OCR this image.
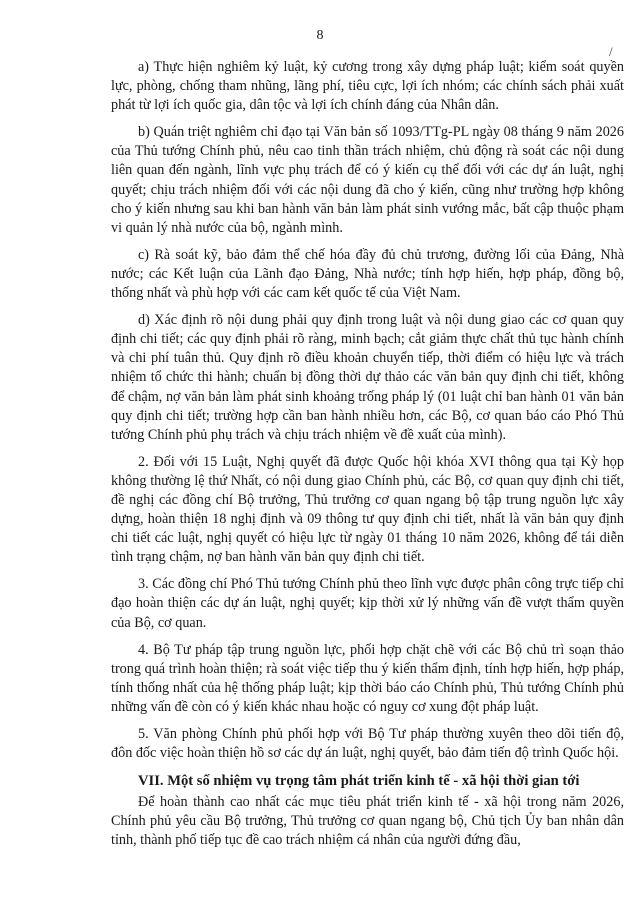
8
/

a) Thực hiện nghiêm kỷ luật, kỷ cương trong xây dựng pháp luật; kiểm soát quyền lực, phòng, chống tham nhũng, lãng phí, tiêu cực, lợi ích nhóm; các chính sách phải xuất phát từ lợi ích quốc gia, dân tộc và lợi ích chính đáng của Nhân dân.

b) Quán triệt nghiêm chỉ đạo tại Văn bản số 1093/TTg-PL ngày 08 tháng 9 năm 2026 của Thủ tướng Chính phủ, nêu cao tinh thần trách nhiệm, chủ động rà soát các nội dung liên quan đến ngành, lĩnh vực phụ trách để có ý kiến cụ thể đối với các dự án luật, nghị quyết; chịu trách nhiệm đối với các nội dung đã cho ý kiến, cũng như trường hợp không cho ý kiến nhưng sau khi ban hành văn bản làm phát sinh vướng mắc, bất cập thuộc phạm vi quản lý nhà nước của bộ, ngành mình.

c) Rà soát kỹ, bảo đảm thể chế hóa đầy đủ chủ trương, đường lối của Đảng, Nhà nước; các Kết luận của Lãnh đạo Đảng, Nhà nước; tính hợp hiến, hợp pháp, đồng bộ, thống nhất và phù hợp với các cam kết quốc tế của Việt Nam.

d) Xác định rõ nội dung phải quy định trong luật và nội dung giao các cơ quan quy định chi tiết; các quy định phải rõ ràng, minh bạch; cắt giảm thực chất thủ tục hành chính và chi phí tuân thủ. Quy định rõ điều khoản chuyển tiếp, thời điểm có hiệu lực và trách nhiệm tổ chức thi hành; chuẩn bị đồng thời dự thảo các văn bản quy định chi tiết, không để chậm, nợ văn bản làm phát sinh khoảng trống pháp lý (01 luật chỉ ban hành 01 văn bản quy định chi tiết; trường hợp cần ban hành nhiều hơn, các Bộ, cơ quan báo cáo Phó Thủ tướng Chính phủ phụ trách và chịu trách nhiệm về đề xuất của mình).

2. Đối với 15 Luật, Nghị quyết đã được Quốc hội khóa XVI thông qua tại Kỳ họp không thường lệ thứ Nhất, có nội dung giao Chính phủ, các Bộ, cơ quan quy định chi tiết, đề nghị các đồng chí Bộ trưởng, Thủ trưởng cơ quan ngang bộ tập trung nguồn lực xây dựng, hoàn thiện 18 nghị định và 09 thông tư quy định chi tiết, nhất là văn bản quy định chi tiết các luật, nghị quyết có hiệu lực từ ngày 01 tháng 10 năm 2026, không để tái diễn tình trạng chậm, nợ ban hành văn bản quy định chi tiết.

3. Các đồng chí Phó Thủ tướng Chính phủ theo lĩnh vực được phân công trực tiếp chỉ đạo hoàn thiện các dự án luật, nghị quyết; kịp thời xử lý những vấn đề vượt thẩm quyền của Bộ, cơ quan.

4. Bộ Tư pháp tập trung nguồn lực, phối hợp chặt chẽ với các Bộ chủ trì soạn thảo trong quá trình hoàn thiện; rà soát việc tiếp thu ý kiến thẩm định, tính hợp hiến, hợp pháp, tính thống nhất của hệ thống pháp luật; kịp thời báo cáo Chính phủ, Thủ tướng Chính phủ những vấn đề còn có ý kiến khác nhau hoặc có nguy cơ xung đột pháp luật.

5. Văn phòng Chính phủ phối hợp với Bộ Tư pháp thường xuyên theo dõi tiến độ, đôn đốc việc hoàn thiện hồ sơ các dự án luật, nghị quyết, bảo đảm tiến độ trình Quốc hội.

VII. Một số nhiệm vụ trọng tâm phát triển kinh tế - xã hội thời gian tới

Để hoàn thành cao nhất các mục tiêu phát triển kinh tế - xã hội trong năm 2026, Chính phủ yêu cầu Bộ trưởng, Thủ trưởng cơ quan ngang bộ, Chủ tịch Ủy ban nhân dân tỉnh, thành phố tiếp tục đề cao trách nhiệm cá nhân của người đứng đầu,
